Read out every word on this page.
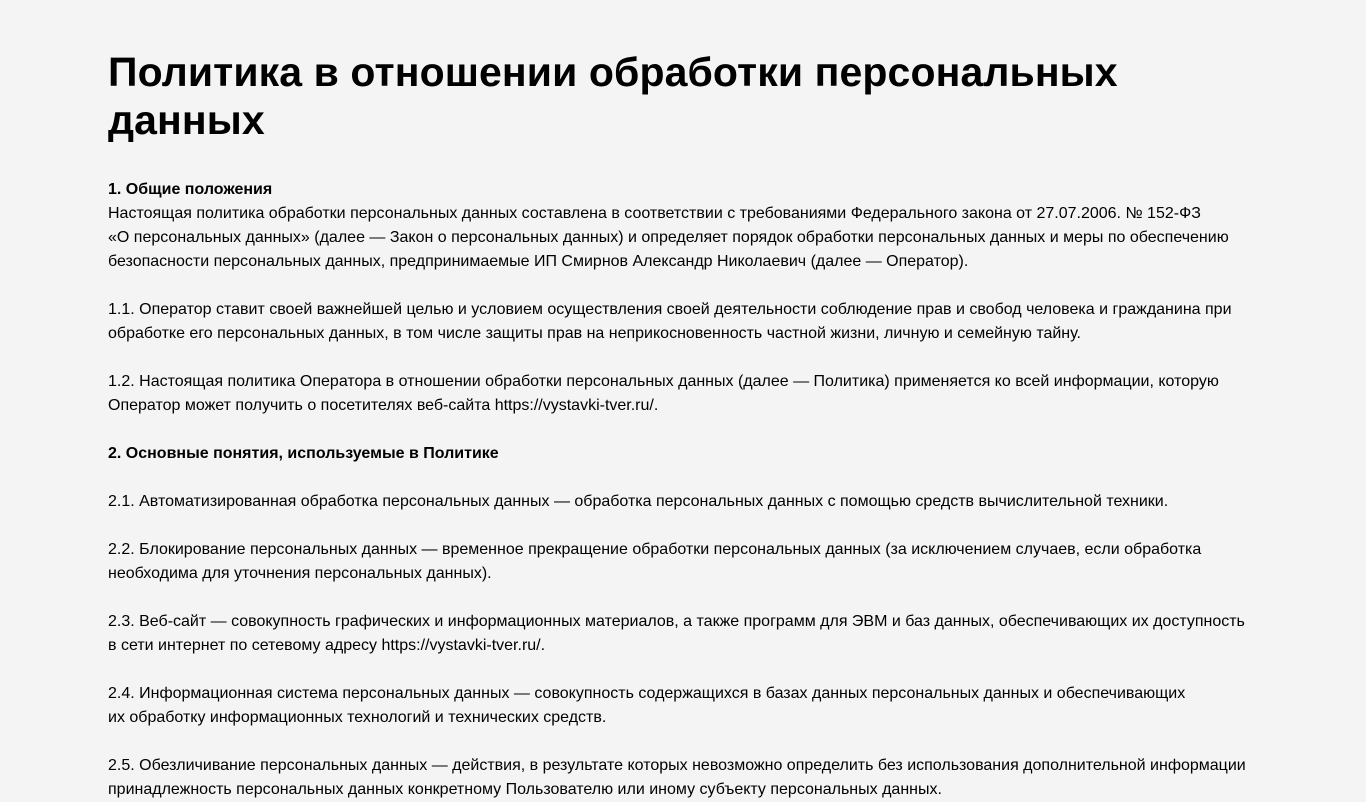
Политика в отношении обработки персональных данных
1. Общие положения

Настоящая политика обработки персональных данных составлена в соответствии с требованиями Федерального закона от 27.07.2006. № 152-ФЗ
«О персональных данных» (далее — Закон о персональных данных) и определяет порядок обработки персональных данных и меры по обеспечению
безопасности персональных данных, предпринимаемые ИП Смирнов Александр Николаевич (далее — Оператор).

1.1. Оператор ставит своей важнейшей целью и условием осуществления своей деятельности соблюдение прав и свобод человека и гражданина при
обработке его персональных данных, в том числе защиты прав на неприкосновенность частной жизни, личную и семейную тайну.

1.2. Настоящая политика Оператора в отношении обработки персональных данных (далее — Политика) применяется ко всей информации, которую
Оператор может получить о посетителях веб-сайта https://vystavki-tver.ru/.

2. Основные понятия, используемые в Политике

2.1. Автоматизированная обработка персональных данных — обработка персональных данных с помощью средств вычислительной техники.

2.2. Блокирование персональных данных — временное прекращение обработки персональных данных (за исключением случаев, если обработка
необходима для уточнения персональных данных).

2.3. Веб-сайт — совокупность графических и информационных материалов, а также программ для ЭВМ и баз данных, обеспечивающих их доступность
в сети интернет по сетевому адресу https://vystavki-tver.ru/.

2.4. Информационная система персональных данных — совокупность содержащихся в базах данных персональных данных и обеспечивающих
их обработку информационных технологий и технических средств.

2.5. Обезличивание персональных данных — действия, в результате которых невозможно определить без использования дополнительной информации
принадлежность персональных данных конкретному Пользователю или иному субъекту персональных данных.
